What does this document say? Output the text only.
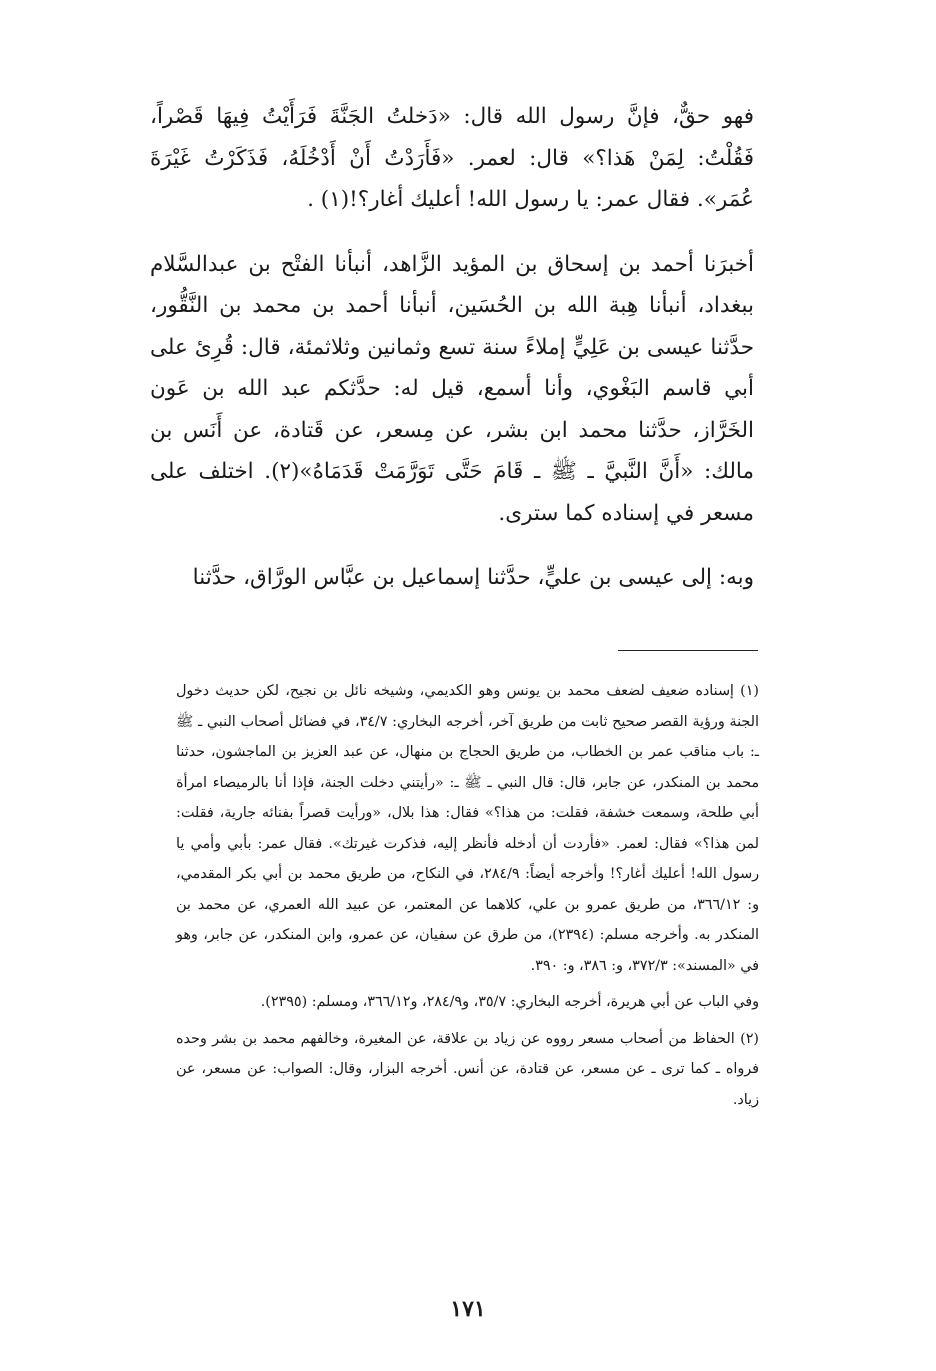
فهو حقٌّ، فإنَّ رسول الله قال: «دَخلتُ الجَنَّةَ فَرَأَيْتُ فِيهَا قَصْراً، فَقُلْتُ: لِمَنْ هَذا؟» قال: لعمر. «فَأَرَدْتُ أَنْ أَدْخُلَهُ، فَذَكَرْتُ غَيْرَةَ عُمَر». فقال عمر: يا رسول الله! أعليك أغار؟!(١) .

أخبرَنا أحمد بن إسحاق بن المؤيد الزَّاهد، أنبأنا الفتْح بن عبدالسَّلام ببغداد، أنبأنا هِبة الله بن الحُسَين، أنبأنا أحمد بن محمد بن النَّقُّور، حدَّثنا عيسى بن عَلِيٍّ إملاءً سنة تسع وثمانين وثلاثمئة، قال: قُرِئ على أبي قاسم البَغْوي، وأنا أسمع، قيل له: حدَّثكم عبد الله بن عَون الخَرَّاز، حدَّثنا محمد ابن بشر، عن مِسعر، عن قَتادة، عن أَنَس بن مالك: «أَنَّ النَّبيَّ ـ ﷺ ـ قَامَ حَتَّى تَوَرَّمَتْ قَدَمَاهُ»(٢). اختلف على مسعر في إسناده كما سترى.

وبه: إلى عيسى بن عليٍّ، حدَّثنا إسماعيل بن عبَّاس الورَّاق، حدَّثنا

(١) إسناده ضعيف لضعف محمد بن يونس وهو الكديمي، وشيخه نائل بن نجيح، لكن حديث دخول الجنة ورؤية القصر صحيح ثابت من طريق آخر، أخرجه البخاري: ٣٤/٧، في فضائل أصحاب النبي ـ ﷺ ـ: باب مناقب عمر بن الخطاب، من طريق الحجاج بن منهال، عن عبد العزيز بن الماجشون، حدثنا محمد بن المنكدر، عن جابر، قال: قال النبي ـ ﷺ ـ: «رأيتني دخلت الجنة، فإذا أنا بالرميصاء امرأة أبي طلحة، وسمعت خشفة، فقلت: من هذا؟» فقال: هذا بلال، «ورأيت قصراً بفنائه جارية، فقلت: لمن هذا؟» فقال: لعمر. «فأردت أن أدخله فأنظر إليه، فذكرت غيرتك». فقال عمر: بأبي وأمي يا رسول الله! أعليك أغار؟! وأخرجه أيضاً: ٢٨٤/٩، في النكاح، من طريق محمد بن أبي بكر المقدمي، و: ٣٦٦/١٢، من طريق عمرو بن علي، كلاهما عن المعتمر، عن عبيد الله العمري، عن محمد بن المنكدر به. وأخرجه مسلم: (٢٣٩٤)، من طرق عن سفيان، عن عمرو، وابن المنكدر، عن جابر، وهو في «المسند»: ٣٧٢/٣، و: ٣٨٦، و: ٣٩٠.

وفي الباب عن أبي هريرة، أخرجه البخاري: ٣٥/٧، و٢٨٤/٩، و٣٦٦/١٢، ومسلم: (٢٣٩٥).

(٢) الحفاظ من أصحاب مسعر رووه عن زياد بن علاقة، عن المغيرة، وخالفهم محمد بن بشر وحده فرواه ـ كما ترى ـ عن مسعر، عن قتادة، عن أنس. أخرجه البزار، وقال: الصواب: عن مسعر، عن زياد.

١٧١
